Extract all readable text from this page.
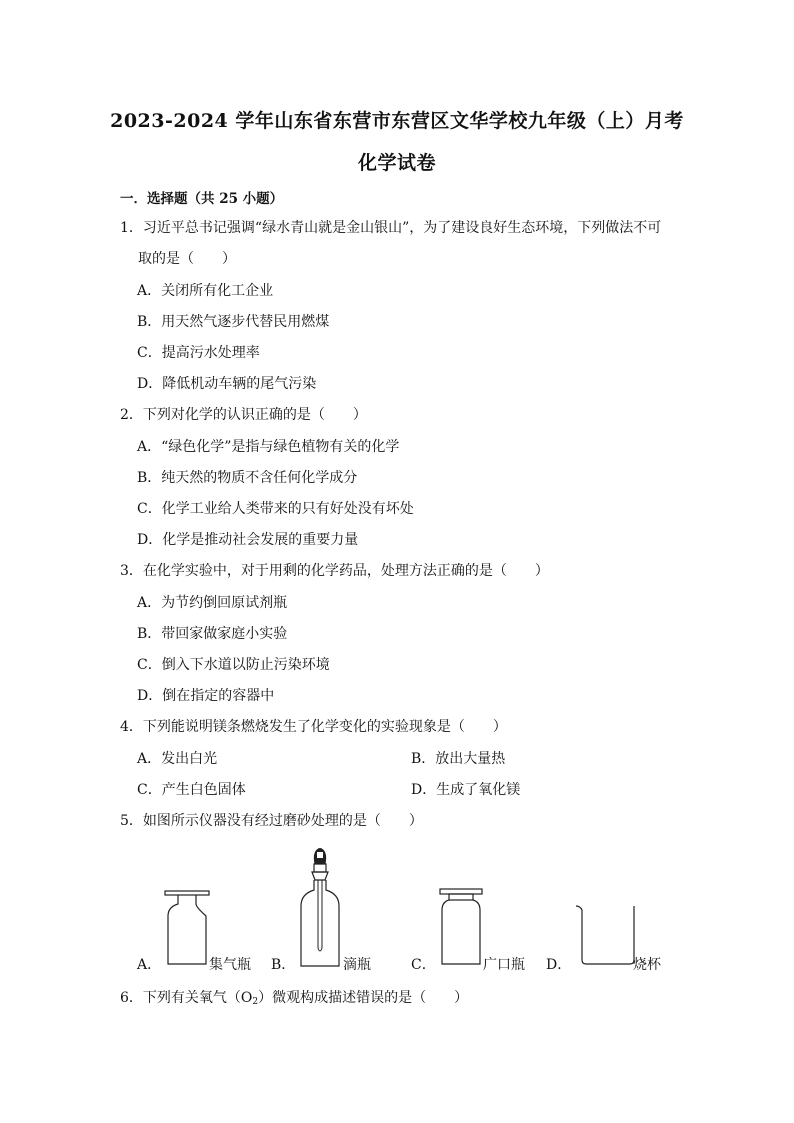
2023-2024 学年山东省东营市东营区文华学校九年级（上）月考
化学试卷
一．选择题（共 25 小题）
1．习近平总书记强调“绿水青山就是金山银山”，为了建设良好生态环境，下列做法不可
取的是（　　）
A．关闭所有化工企业
B．用天然气逐步代替民用燃煤
C．提高污水处理率
D．降低机动车辆的尾气污染
2．下列对化学的认识正确的是（　　）
A．“绿色化学”是指与绿色植物有关的化学
B．纯天然的物质不含任何化学成分
C．化学工业给人类带来的只有好处没有坏处
D．化学是推动社会发展的重要力量
3．在化学实验中，对于用剩的化学药品，处理方法正确的是（　　）
A．为节约倒回原试剂瓶
B．带回家做家庭小实验
C．倒入下水道以防止污染环境
D．倒在指定的容器中
4．下列能说明镁条燃烧发生了化学变化的实验现象是（　　）
A．发出白光	B．放出大量热
C．产生白色固体	D．生成了氧化镁
5．如图所示仪器没有经过磨砂处理的是（　　）
A．	集气瓶 B．	滴瓶	C．	广口瓶 D．	烧杯
6．下列有关氧气$(O_2)$微观构成描述错误的是（　　）
